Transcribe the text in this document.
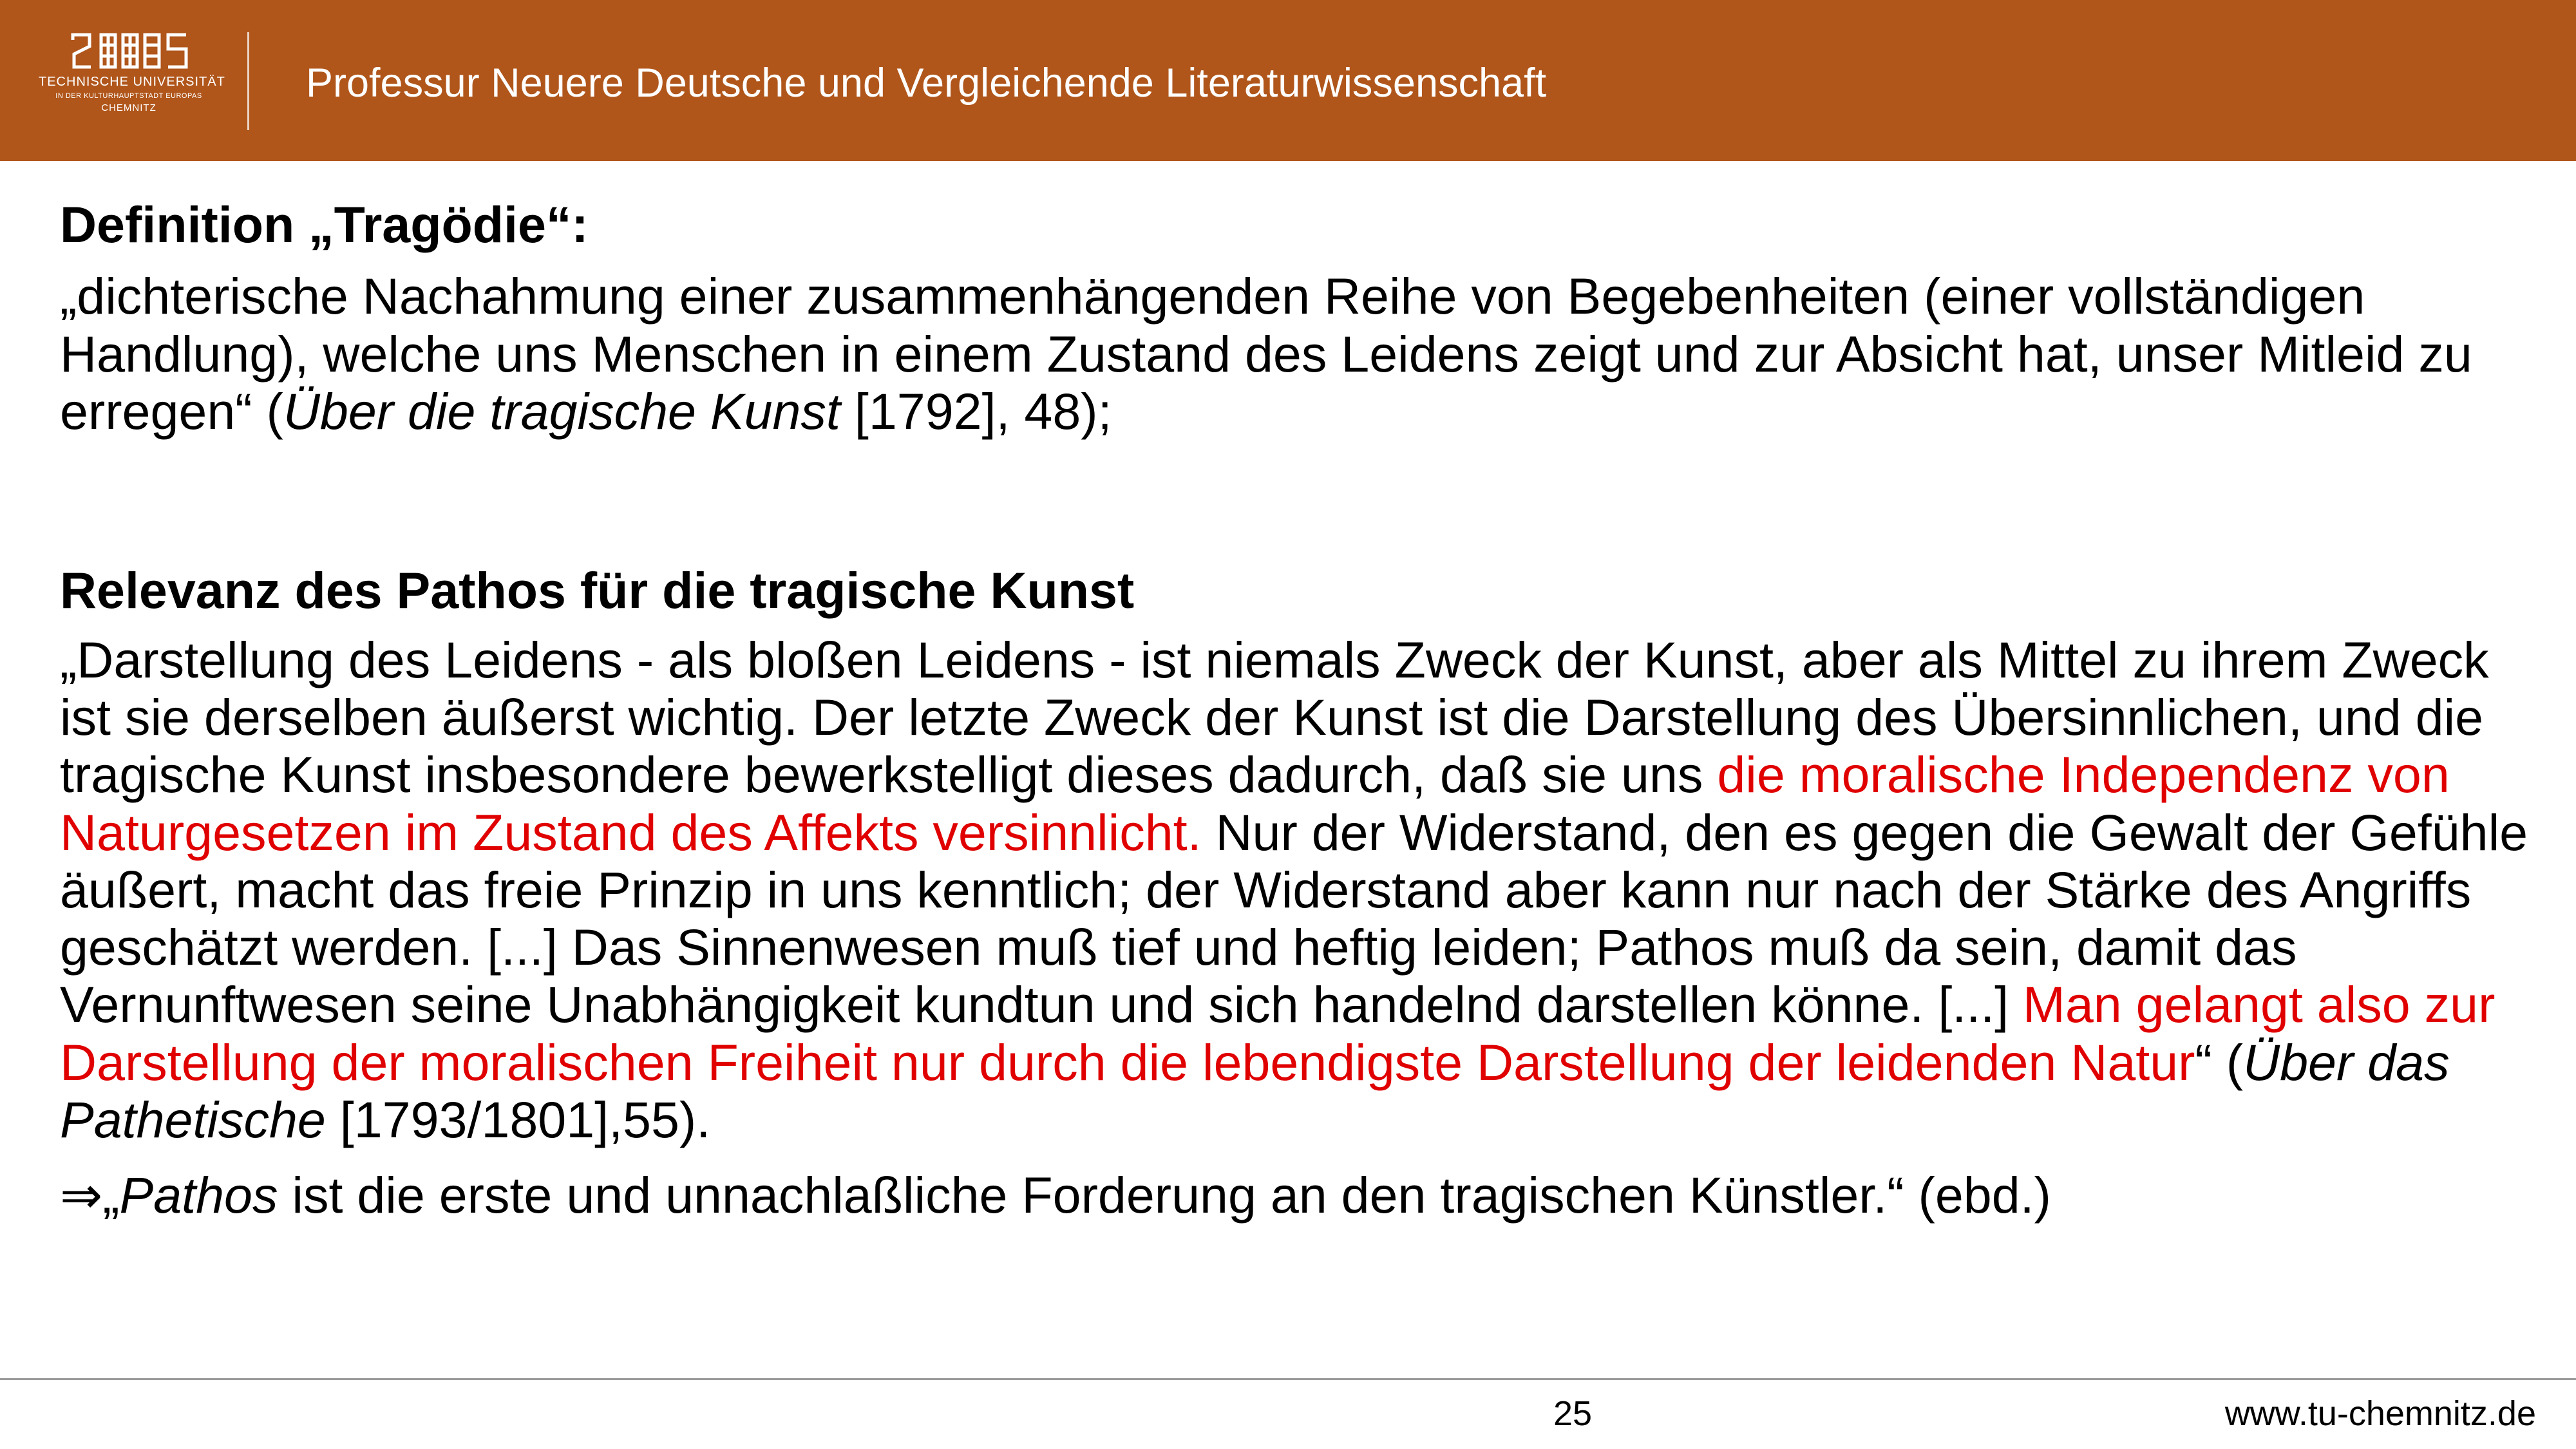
TECHNISCHE UNIVERSITÄT
IN DER KULTURHAUPTSTADT EUROPAS
CHEMNITZ
Professur Neuere Deutsche und Vergleichende Literaturwissenschaft

Definition „Tragödie“:

„dichterische Nachahmung einer zusammenhängenden Reihe von Begebenheiten (einer vollständigen Handlung), welche uns Menschen in einem Zustand des Leidens zeigt und zur Absicht hat, unser Mitleid zu erregen“ (Über die tragische Kunst [1792], 48);

Relevanz des Pathos für die tragische Kunst

„Darstellung des Leidens - als bloßen Leidens - ist niemals Zweck der Kunst, aber als Mittel zu ihrem Zweck ist sie derselben äußerst wichtig. Der letzte Zweck der Kunst ist die Darstellung des Übersinnlichen, und die tragische Kunst insbesondere bewerkstelligt dieses dadurch, daß sie uns die moralische Independenz von Naturgesetzen im Zustand des Affekts versinnlicht. Nur der Widerstand, den es gegen die Gewalt der Gefühle äußert, macht das freie Prinzip in uns kenntlich; der Widerstand aber kann nur nach der Stärke des Angriffs geschätzt werden. [...] Das Sinnenwesen muß tief und heftig leiden; Pathos muß da sein, damit das Vernunftwesen seine Unabhängigkeit kundtun und sich handelnd darstellen könne. [...] Man gelangt also zur Darstellung der moralischen Freiheit nur durch die lebendigste Darstellung der leidenden Natur“ (Über das Pathetische [1793/1801],55).

⇒„Pathos ist die erste und unnachlaßliche Forderung an den tragischen Künstler.“ (ebd.)

25	www.tu-chemnitz.de
